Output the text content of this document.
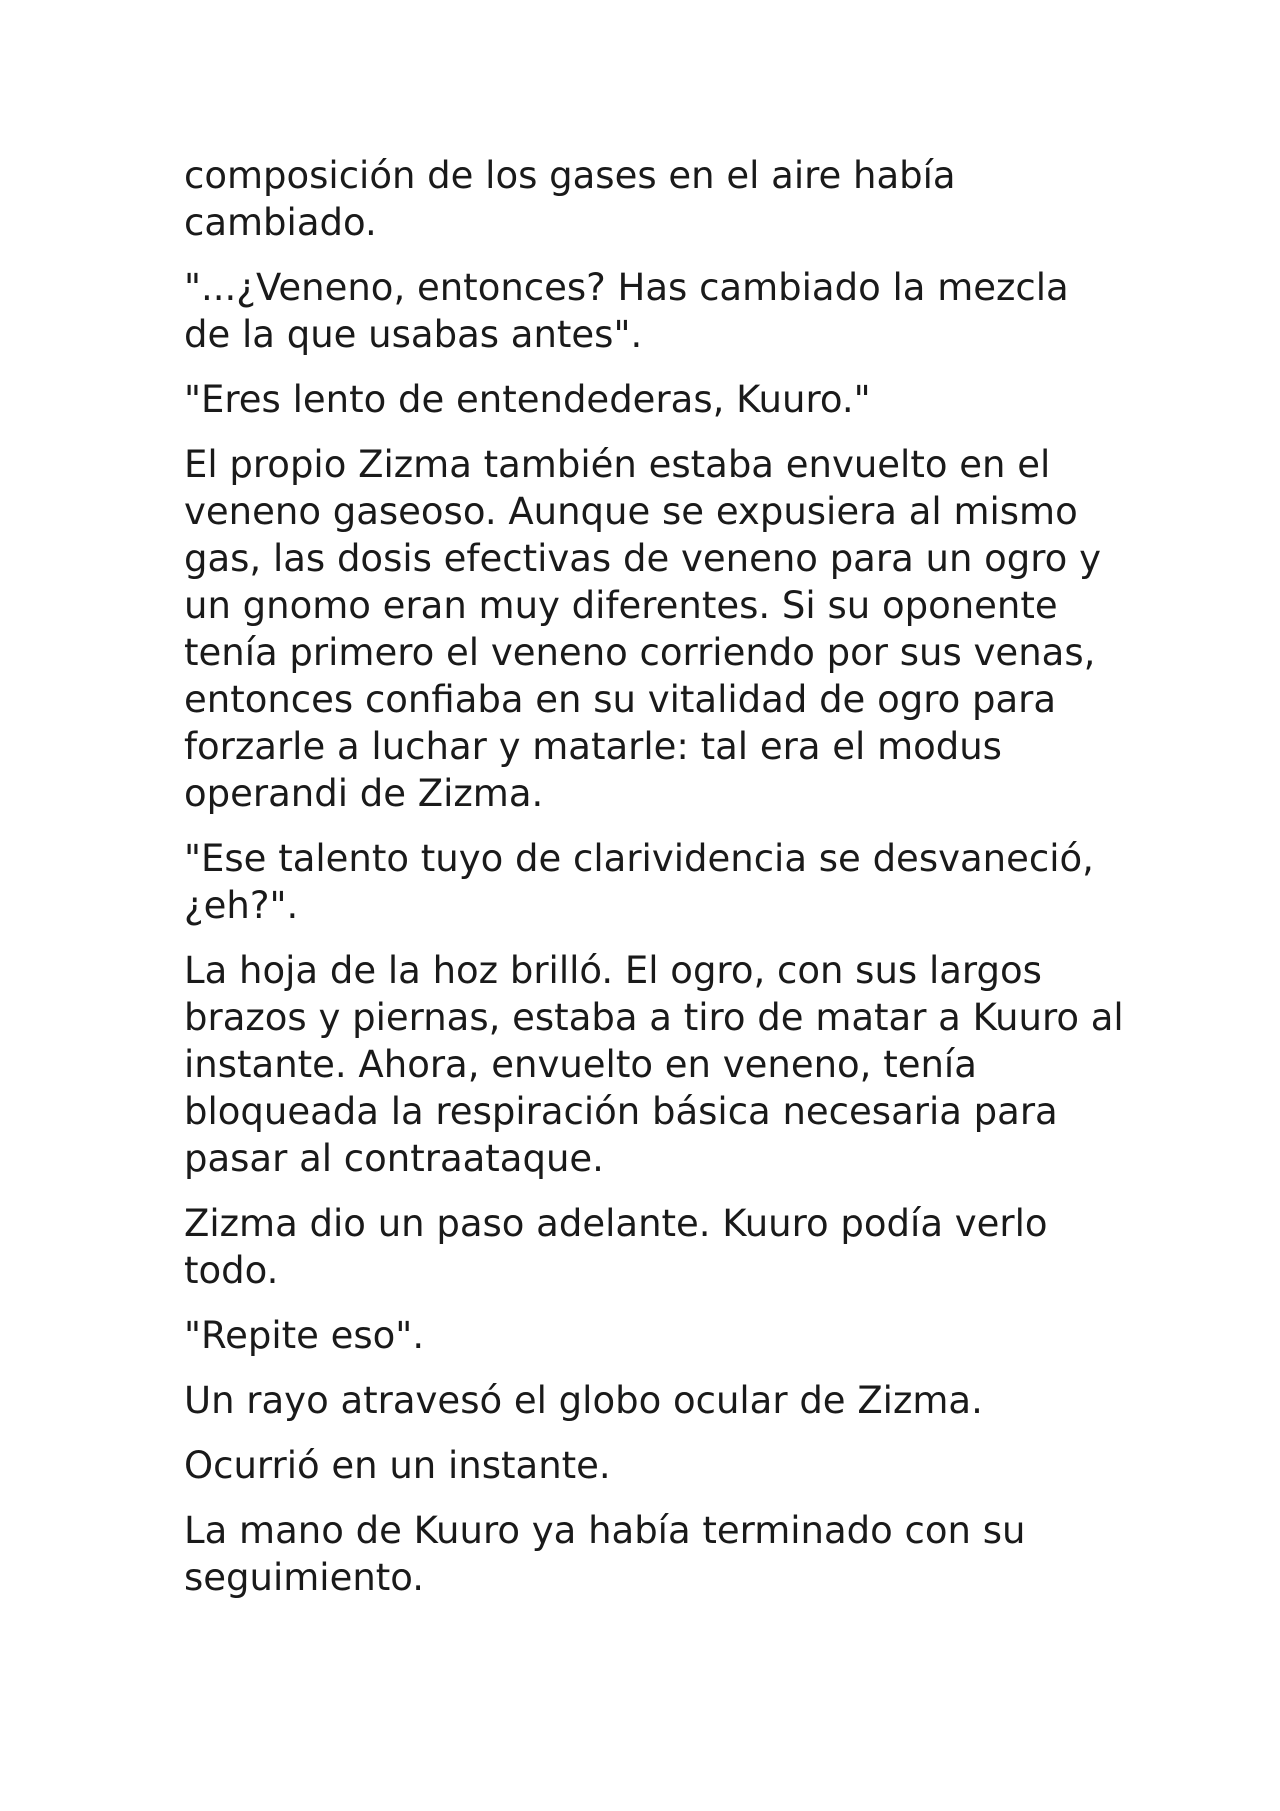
composición de los gases en el aire había cambiado.

"...¿Veneno, entonces? Has cambiado la mezcla de la que usabas antes".

"Eres lento de entendederas, Kuuro."

El propio Zizma también estaba envuelto en el veneno gaseoso. Aunque se expusiera al mismo gas, las dosis efectivas de veneno para un ogro y un gnomo eran muy diferentes. Si su oponente tenía primero el veneno corriendo por sus venas, entonces confiaba en su vitalidad de ogro para forzarle a luchar y matarle: tal era el modus operandi de Zizma.

"Ese talento tuyo de clarividencia se desvaneció, ¿eh?".

La hoja de la hoz brilló. El ogro, con sus largos brazos y piernas, estaba a tiro de matar a Kuuro al instante. Ahora, envuelto en veneno, tenía bloqueada la respiración básica necesaria para pasar al contraataque.

Zizma dio un paso adelante. Kuuro podía verlo todo.

"Repite eso".

Un rayo atravesó el globo ocular de Zizma.

Ocurrió en un instante.

La mano de Kuuro ya había terminado con su seguimiento.
